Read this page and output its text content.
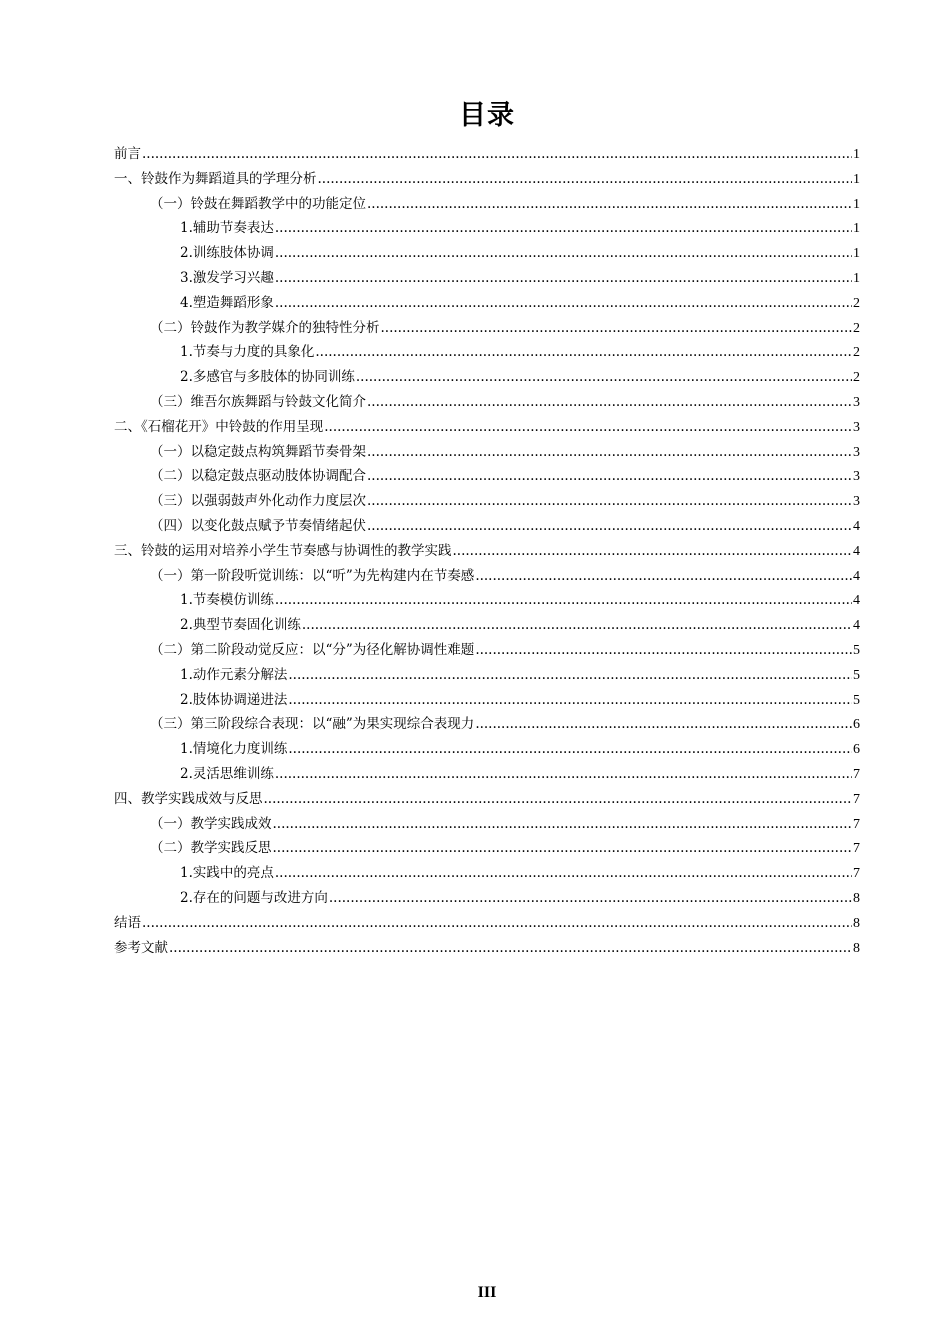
目录
前言 .....	1
一、铃鼓作为舞蹈道具的学理分析 .....	1
（一）铃鼓在舞蹈教学中的功能定位 .....	1
1.辅助节奏表达 .....	1
2.训练肢体协调 .....	1
3.激发学习兴趣 .....	1
4.塑造舞蹈形象 .....	2
（二）铃鼓作为教学媒介的独特性分析 .....	2
1.节奏与力度的具象化 .....	2
2.多感官与多肢体的协同训练 .....	2
（三）维吾尔族舞蹈与铃鼓文化简介 .....	3
二、《石榴花开》中铃鼓的作用呈现 .....	3
（一）以稳定鼓点构筑舞蹈节奏骨架 .....	3
（二）以稳定鼓点驱动肢体协调配合 .....	3
（三）以强弱鼓声外化动作力度层次 .....	3
（四）以变化鼓点赋予节奏情绪起伏 .....	4
三、铃鼓的运用对培养小学生节奏感与协调性的教学实践 .....	4
（一）第一阶段听觉训练：以“听”为先构建内在节奏感 .....	4
1.节奏模仿训练 .....	4
2.典型节奏固化训练 .....	4
（二）第二阶段动觉反应：以“分”为径化解协调性难题 .....	5
1.动作元素分解法 .....	5
2.肢体协调递进法 .....	5
（三）第三阶段综合表现：以“融”为果实现综合表现力 .....	6
1.情境化力度训练 .....	6
2.灵活思维训练 .....	7
四、教学实践成效与反思 .....	7
（一）教学实践成效 .....	7
（二）教学实践反思 .....	7
1.实践中的亮点 .....	7
2.存在的问题与改进方向 .....	8
结语 .....	8
参考文献 .....	8
III
